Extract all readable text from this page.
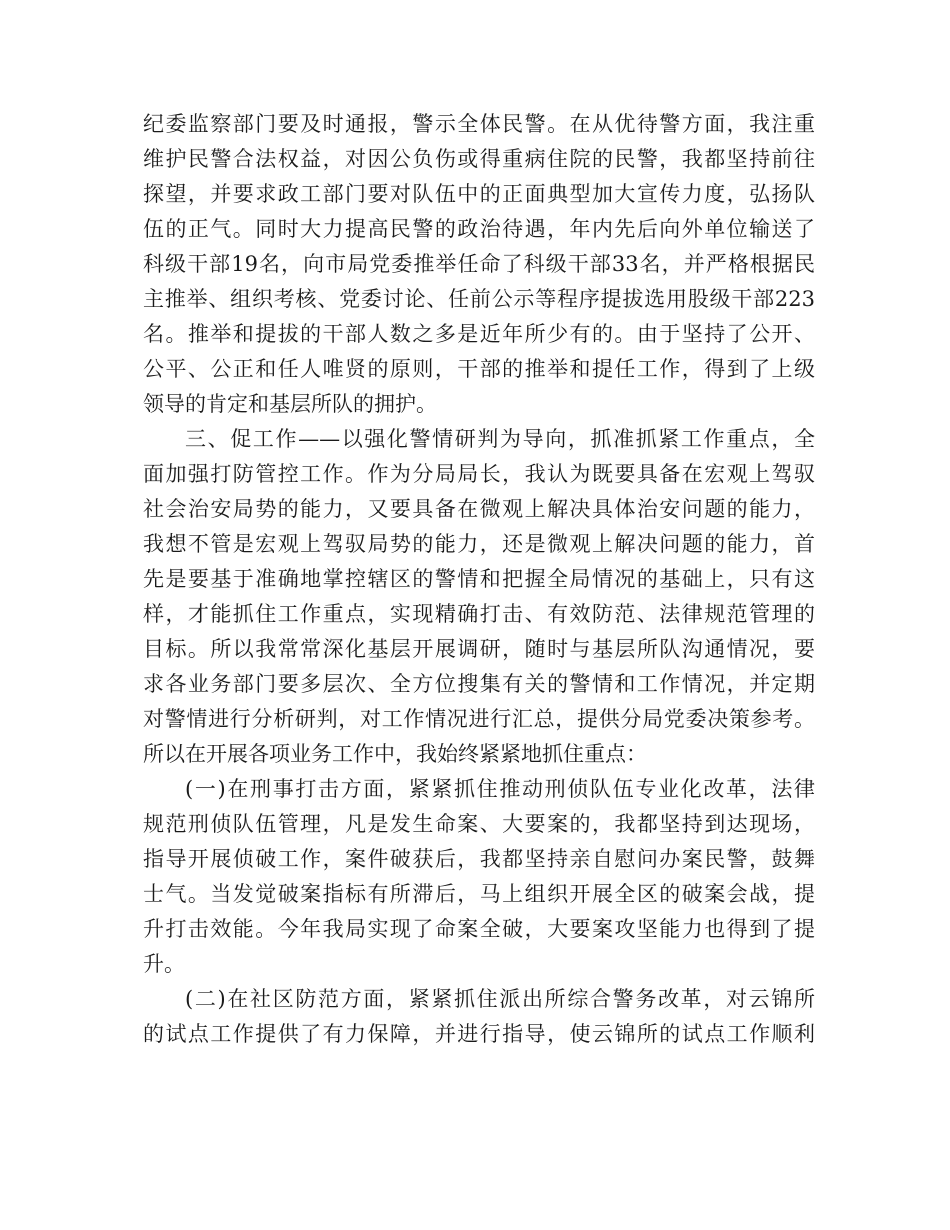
纪委监察部门要及时通报，警示全体民警。在从优待警方面，我注重
维护民警合法权益，对因公负伤或得重病住院的民警，我都坚持前往
探望，并要求政工部门要对队伍中的正面典型加大宣传力度，弘扬队
伍的正气。同时大力提高民警的政治待遇，年内先后向外单位输送了
科级干部19名，向市局党委推举任命了科级干部33名，并严格根据民
主推举、组织考核、党委讨论、任前公示等程序提拔选用股级干部223
名。推举和提拔的干部人数之多是近年所少有的。由于坚持了公开、
公平、公正和任人唯贤的原则，干部的推举和提任工作，得到了上级
领导的肯定和基层所队的拥护。
三、促工作——以强化警情研判为导向，抓准抓紧工作重点，全
面加强打防管控工作。作为分局局长，我认为既要具备在宏观上驾驭
社会治安局势的能力，又要具备在微观上解决具体治安问题的能力，
我想不管是宏观上驾驭局势的能力，还是微观上解决问题的能力，首
先是要基于准确地掌控辖区的警情和把握全局情况的基础上，只有这
样，才能抓住工作重点，实现精确打击、有效防范、法律规范管理的
目标。所以我常常深化基层开展调研，随时与基层所队沟通情况，要
求各业务部门要多层次、全方位搜集有关的警情和工作情况，并定期
对警情进行分析研判，对工作情况进行汇总，提供分局党委决策参考。
所以在开展各项业务工作中，我始终紧紧地抓住重点：
(一)在刑事打击方面，紧紧抓住推动刑侦队伍专业化改革，法律
规范刑侦队伍管理，凡是发生命案、大要案的，我都坚持到达现场，
指导开展侦破工作，案件破获后，我都坚持亲自慰问办案民警，鼓舞
士气。当发觉破案指标有所滞后，马上组织开展全区的破案会战，提
升打击效能。今年我局实现了命案全破，大要案攻坚能力也得到了提
升。
(二)在社区防范方面，紧紧抓住派出所综合警务改革，对云锦所
的试点工作提供了有力保障，并进行指导，使云锦所的试点工作顺利
